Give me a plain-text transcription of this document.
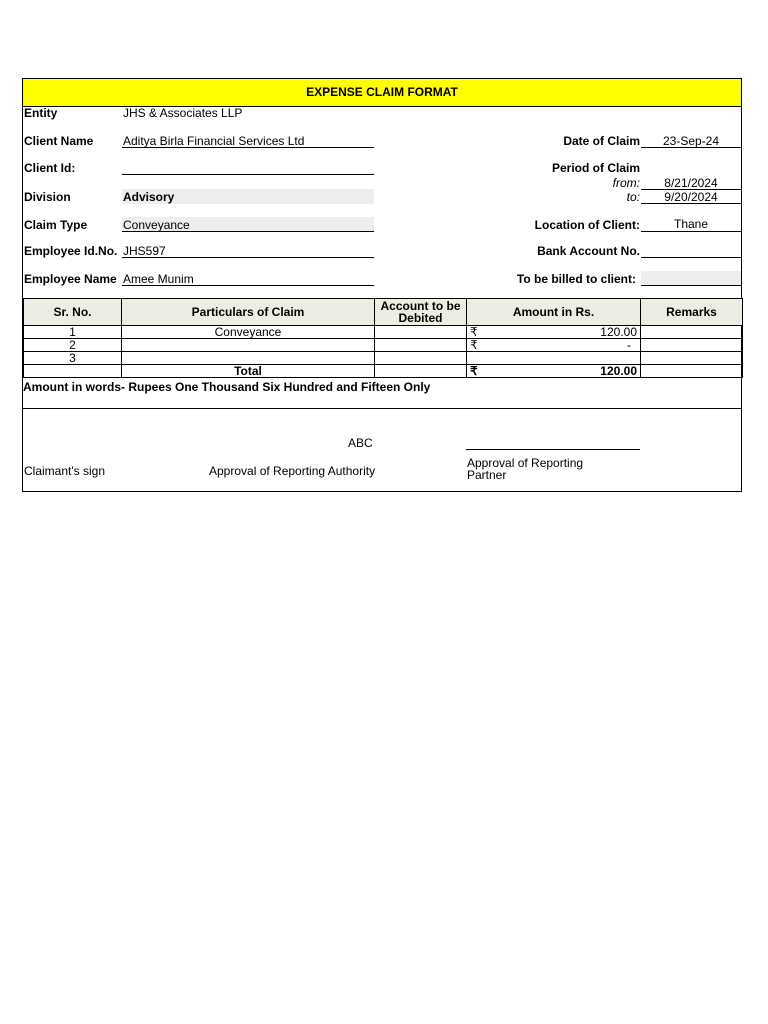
EXPENSE CLAIM FORMAT
Entity	JHS & Associates LLP
Client Name Aditya Birla Financial Services Ltd
Client Id:
Division	Advisory
Claim Type	Conveyance
Employee Id.No. JHS597
Employee Name Amee Munim
Date of Claim	23-Sep-24
Period of Claim
from:	8/21/2024
to:	9/20/2024
Location of Client:	Thane
Bank Account No.
To be billed to client:
Sr. No.	Particulars of Claim	Account to be Debited	Amount in Rs.	Remarks
1	Conveyance		₹ 120.00	

2			₹ -	

3			

	Total		₹ 120.00	

Amount in words- Rupees One Thousand Six Hundred and Fifteen Only
ABC
Claimant's sign	Approval of Reporting Authority
Approval of Reporting
Partner
